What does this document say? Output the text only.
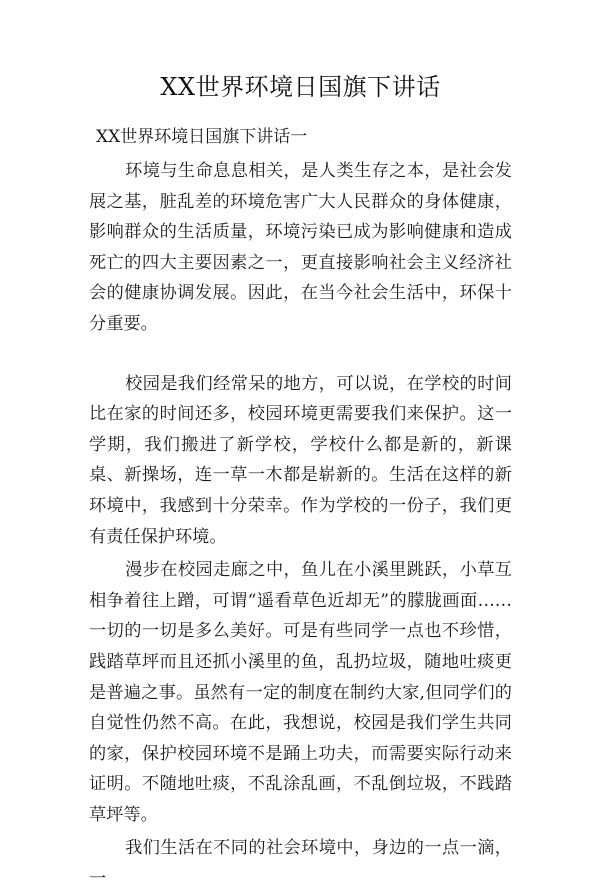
XX世界环境日国旗下讲话
XX世界环境日国旗下讲话一

环境与生命息息相关，是人类生存之本，是社会发展之基，脏乱差的环境危害广大人民群众的身体健康，影响群众的生活质量，环境污染已成为影响健康和造成死亡的四大主要因素之一，更直接影响社会主义经济社会的健康协调发展。因此，在当今社会生活中，环保十分重要。

校园是我们经常呆的地方，可以说，在学校的时间比在家的时间还多，校园环境更需要我们来保护。这一学期，我们搬进了新学校，学校什么都是新的，新课桌、新操场，连一草一木都是崭新的。生活在这样的新环境中，我感到十分荣幸。作为学校的一份子，我们更有责任保护环境。

漫步在校园走廊之中，鱼儿在小溪里跳跃，小草互相争着往上蹭，可谓“遥看草色近却无”的朦胧画面……一切的一切是多么美好。可是有些同学一点也不珍惜，践踏草坪而且还抓小溪里的鱼，乱扔垃圾，随地吐痰更是普遍之事。虽然有一定的制度在制约大家,但同学们的自觉性仍然不高。在此，我想说，校园是我们学生共同的家，保护校园环境不是踊上功夫，而需要实际行动来证明。不随地吐痰，不乱涂乱画，不乱倒垃圾，不践踏草坪等。

我们生活在不同的社会环境中，身边的一点一滴，一
